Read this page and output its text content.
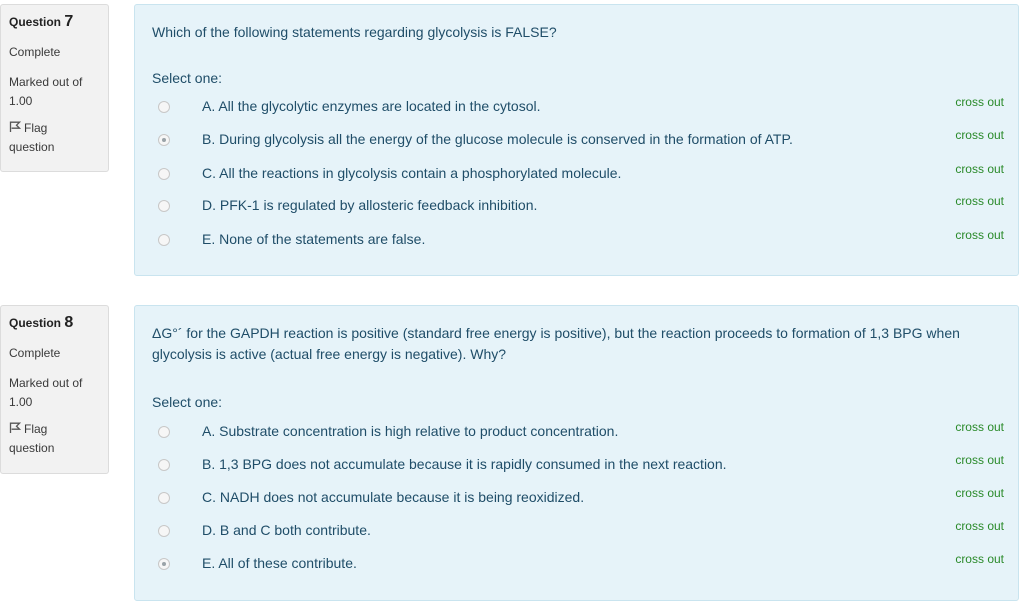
Question 7
Complete
Marked out of 1.00
Flag question
Which of the following statements regarding glycolysis is FALSE?
Select one:
A. All the glycolytic enzymes are located in the cytosol.	cross out
B. During glycolysis all the energy of the glucose molecule is conserved in the formation of ATP.	cross out
C. All the reactions in glycolysis contain a phosphorylated molecule.	cross out
D. PFK-1 is regulated by allosteric feedback inhibition.	cross out
E. None of the statements are false.	cross out
Question 8
Complete
Marked out of 1.00
Flag question
ΔG°´ for the GAPDH reaction is positive (standard free energy is positive), but the reaction proceeds to formation of 1,3 BPG when glycolysis is active (actual free energy is negative). Why?
Select one:
A. Substrate concentration is high relative to product concentration.	cross out
B. 1,3 BPG does not accumulate because it is rapidly consumed in the next reaction.	cross out
C. NADH does not accumulate because it is being reoxidized.	cross out
D. B and C both contribute.	cross out
E. All of these contribute.	cross out
